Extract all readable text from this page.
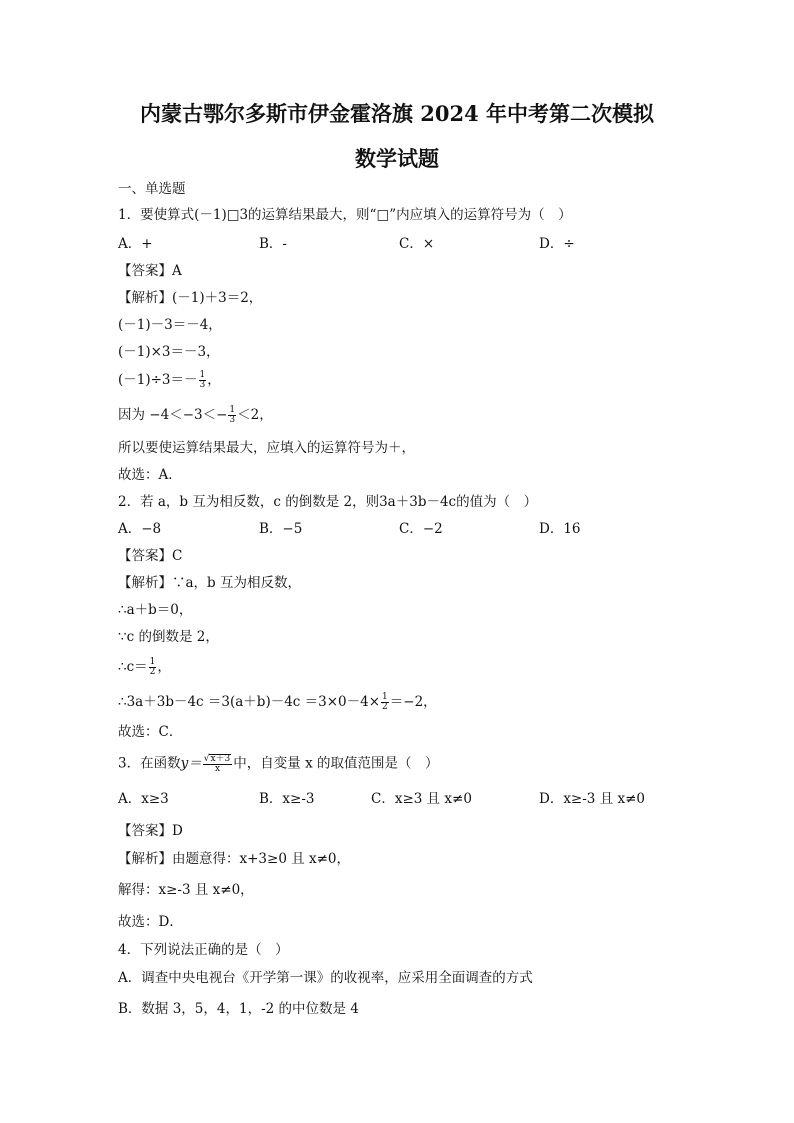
内蒙古鄂尔多斯市伊金霍洛旗 2024 年中考第二次模拟
数学试题
一、单选题
1．要使算式(－1)□3的运算结果最大，则“□”内应填入的运算符号为（　）
A．+	B．-	C．×	D．÷
【答案】A
【解析】(－1)＋3＝2，
(－1)－3＝－4，
(－1)×3＝－3，
$(-1)\div 3=- \frac{1}{3}$ ，
因为 $-4<-3<- \frac{1}{3} <2$，
所以要使运算结果最大，应填入的运算符号为＋，
故选：A．
2．若 a，b 互为相反数，c 的倒数是 2，则3a＋3b－4c的值为（　）
A．−8	B．−5	C．−2	D．16
【答案】C
【解析】∵a，b 互为相反数，
∴a＋b＝0，
∵c 的倒数是 2，
∴c＝ $\frac{1}{2}$ ，
∴3a＋3b－4c $=3(a+b)-4c =3\times 0-4\times \frac{1}{2} =-2$，
故选：C．
3．在函数$y= \frac{√x+3}{x}$ 中，自变量 x 的取值范围是（　）
A．x≥3	B．x≥-3	C．x≥3 且 x≠0	D．x≥-3 且 x≠0
【答案】D
【解析】由题意得：x+3≥0 且 x≠0，
解得：x≥-3 且 x≠0，
故选：D．
4．下列说法正确的是（　）
A．调查中央电视台《开学第一课》的收视率，应采用全面调查的方式
B．数据 3，5，4，1，-2 的中位数是 4
